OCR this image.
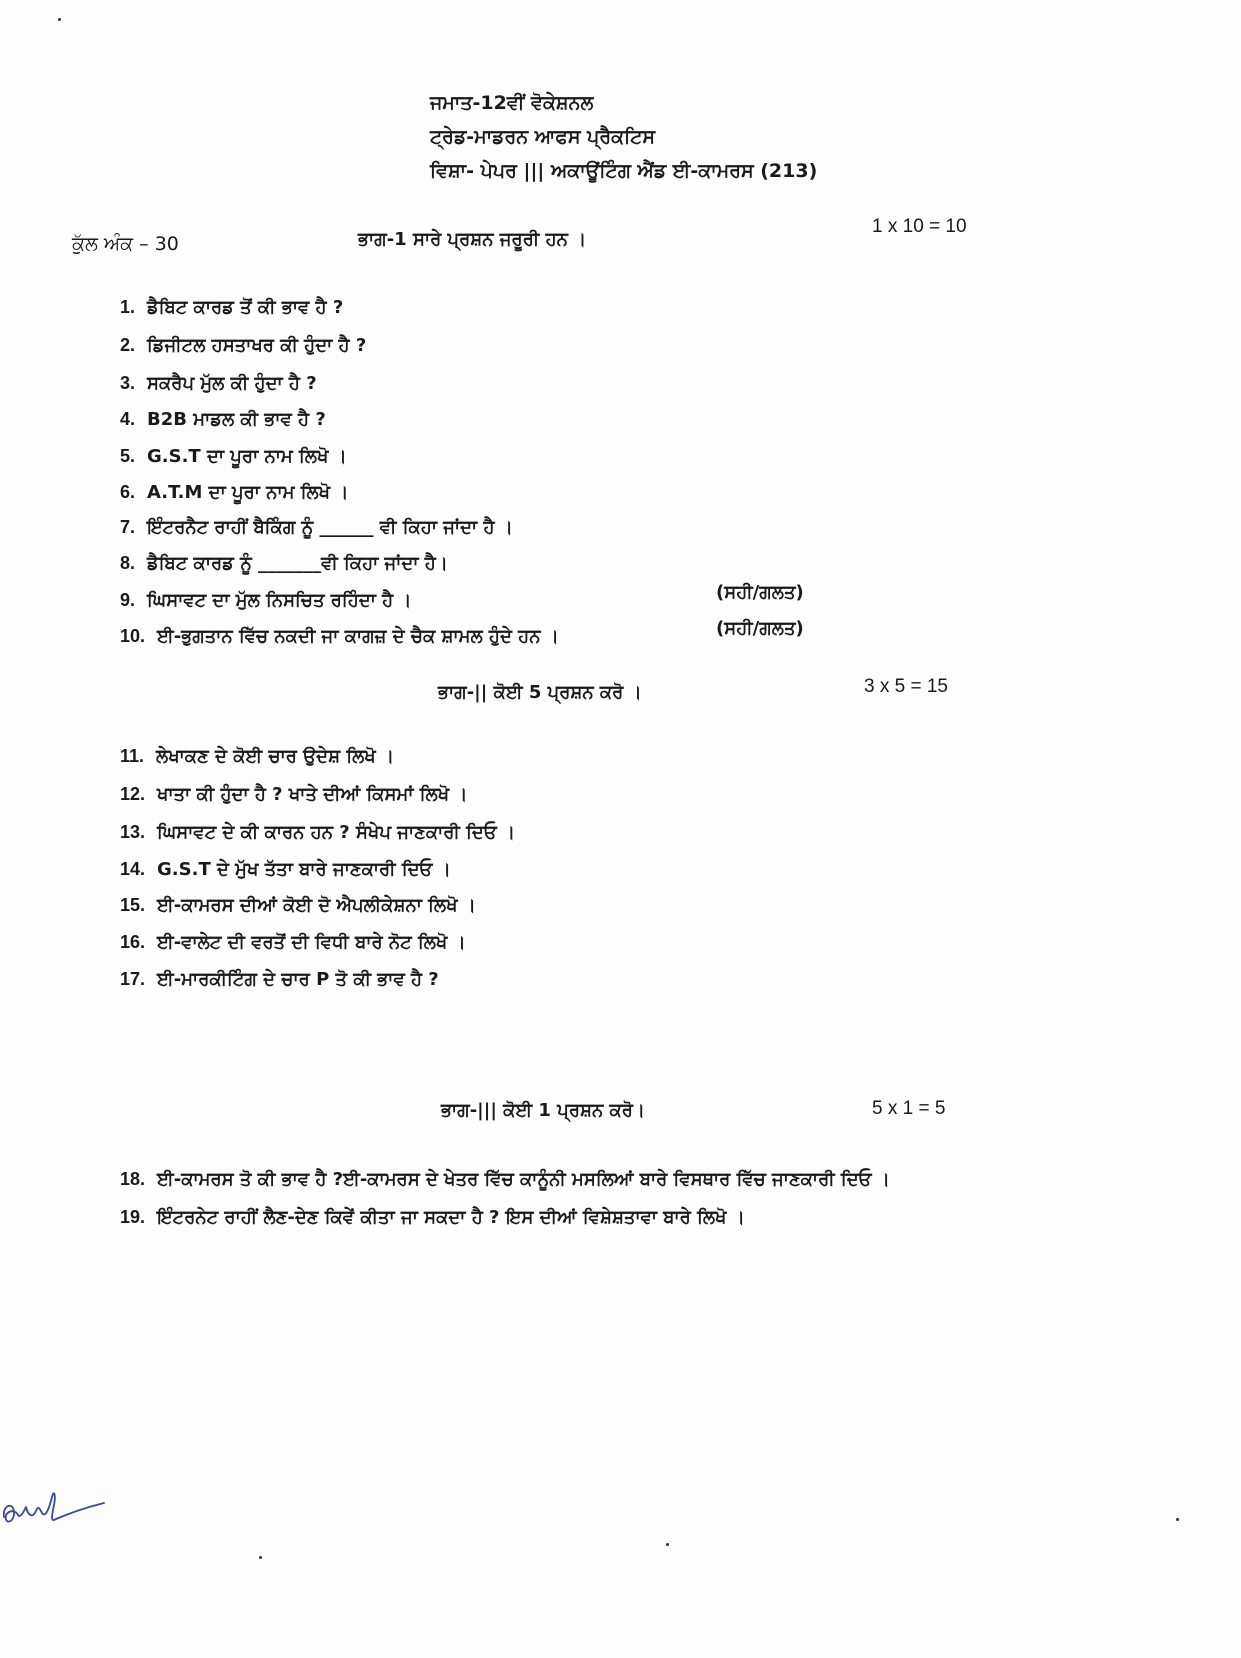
ਜਮਾਤ-12ਵੀਂ ਵੋਕੇਸ਼ਨਲ
ਟ੍ਰੇਡ-ਮਾਡਰਨ ਆਫਸ ਪ੍ਰੈਕਟਿਸ
ਵਿਸ਼ਾ- ਪੇਪਰ ||| ਅਕਾਊਂਟਿੰਗ ਐਂਡ ਈ-ਕਾਮਰਸ (213)
ਕੁੱਲ ਅੰਕ – 30	ਭਾਗ-1 ਸਾਰੇ ਪ੍ਰਸ਼ਨ ਜਰੂਰੀ ਹਨ ।
1 x 10 = 10
1. ਡੈਬਿਟ ਕਾਰਡ ਤੋਂ ਕੀ ਭਾਵ ਹੈ ?
2. ਡਿਜੀਟਲ ਹਸਤਾਖਰ ਕੀ ਹੁੰਦਾ ਹੈ ?
3. ਸਕਰੈਪ ਮੁੱਲ ਕੀ ਹੁੰਦਾ ਹੈ ?
4. B2B ਮਾਡਲ ਕੀ ਭਾਵ ਹੈ ?
5. G.S.T ਦਾ ਪੂਰਾ ਨਾਮ ਲਿਖੋ ।
6. A.T.M ਦਾ ਪੂਰਾ ਨਾਮ ਲਿਖੋ ।
7. ਇੰਟਰਨੈਟ ਰਾਹੀਂ ਬੈਕਿੰਗ ਨੂੰ ______ ਵੀ ਕਿਹਾ ਜਾਂਦਾ ਹੈ ।
8. ਡੈਬਿਟ ਕਾਰਡ ਨੂੰ _______ਵੀ ਕਿਹਾ ਜਾਂਦਾ ਹੈ।
9. ਘਿਸਾਵਟ ਦਾ ਮੁੱਲ ਨਿਸਚਿਤ ਰਹਿੰਦਾ ਹੈ ।	(ਸਹੀ/ਗਲਤ)
10. ਈ-ਭੁਗਤਾਨ ਵਿੱਚ ਨਕਦੀ ਜਾ ਕਾਗਜ਼ ਦੇ ਚੈਕ ਸ਼ਾਮਲ ਹੁੰਦੇ ਹਨ ।	(ਸਹੀ/ਗਲਤ)
ਭਾਗ-|| ਕੋਈ 5 ਪ੍ਰਸ਼ਨ ਕਰੋ ।	3 x 5 = 15
11. ਲੇਖਾਕਣ ਦੇ ਕੋਈ ਚਾਰ ਉਦੇਸ਼ ਲਿਖੋ ।
12. ਖਾਤਾ ਕੀ ਹੁੰਦਾ ਹੈ ? ਖਾਤੇ ਦੀਆਂ ਕਿਸਮਾਂ ਲਿਖੋ ।
13. ਘਿਸਾਵਟ ਦੇ ਕੀ ਕਾਰਨ ਹਨ ? ਸੰਖੇਪ ਜਾਣਕਾਰੀ ਦਿਓ ।
14. G.S.T ਦੇ ਮੁੱਖ ਤੱਤਾ ਬਾਰੇ ਜਾਣਕਾਰੀ ਦਿਓ ।
15. ਈ-ਕਾਮਰਸ ਦੀਆਂ ਕੋਈ ਦੋ ਐਪਲੀਕੇਸ਼ਨਾ ਲਿਖੋ ।
16. ਈ-ਵਾਲੇਟ ਦੀ ਵਰਤੋਂ ਦੀ ਵਿਧੀ ਬਾਰੇ ਨੋਟ ਲਿਖੋ ।
17. ਈ-ਮਾਰਕੀਟਿੰਗ ਦੇ ਚਾਰ P ਤੋ ਕੀ ਭਾਵ ਹੈ ?
ਭਾਗ-||| ਕੋਈ 1 ਪ੍ਰਸ਼ਨ ਕਰੋ।	5 x 1 = 5
18. ਈ-ਕਾਮਰਸ ਤੋ ਕੀ ਭਾਵ ਹੈ ?ਈ-ਕਾਮਰਸ ਦੇ ਖੇਤਰ ਵਿੱਚ ਕਾਨੂੰਨੀ ਮਸਲਿਆਂ ਬਾਰੇ ਵਿਸਥਾਰ ਵਿੱਚ ਜਾਣਕਾਰੀ ਦਿਓ ।
19. ਇੰਟਰਨੇਟ ਰਾਹੀਂ ਲੈਣ-ਦੇਣ ਕਿਵੇਂ ਕੀਤਾ ਜਾ ਸਕਦਾ ਹੈ ? ਇਸ ਦੀਆਂ ਵਿਸ਼ੇਸ਼ਤਾਵਾ ਬਾਰੇ ਲਿਖੋ ।
